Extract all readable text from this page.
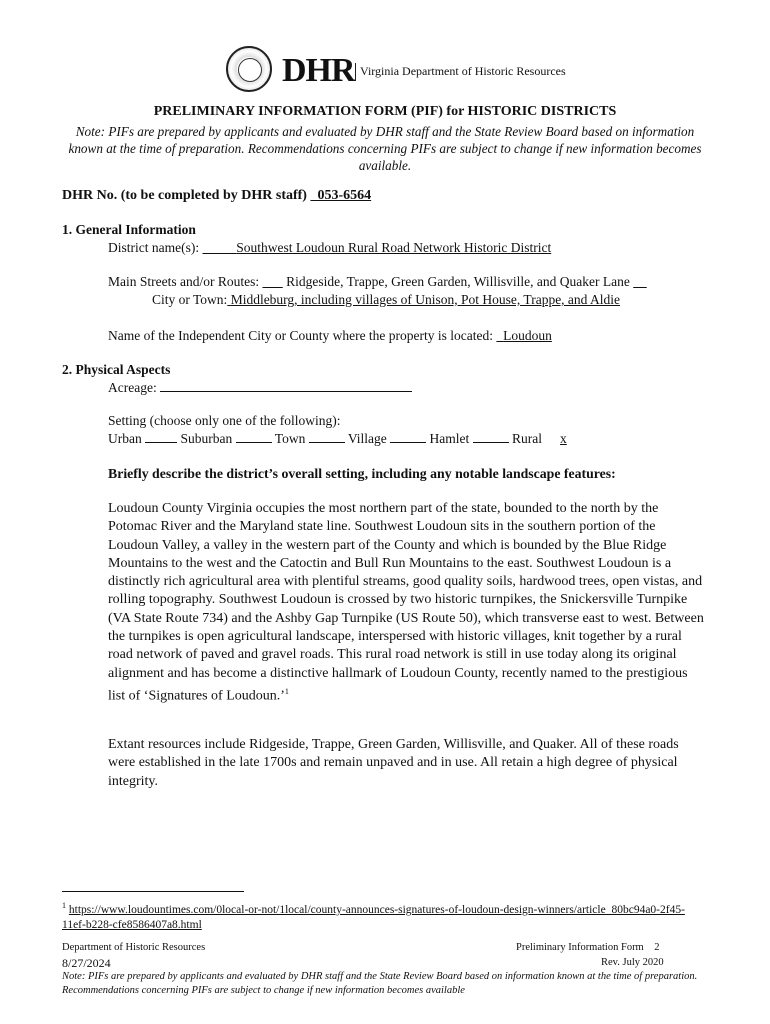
DHR Virginia Department of Historic Resources
PRELIMINARY INFORMATION FORM (PIF) for HISTORIC DISTRICTS
Note: PIFs are prepared by applicants and evaluated by DHR staff and the State Review Board based on information known at the time of preparation. Recommendations concerning PIFs are subject to change if new information becomes available.
DHR No. (to be completed by DHR staff) 053-6564
1. General Information
District name(s):	Southwest Loudoun Rural Road Network Historic District
Main Streets and/or Routes: Ridgeside, Trappe, Green Garden, Willisville, and Quaker Lane
City or Town: Middleburg, including villages of Unison, Pot House, Trappe, and Aldie
Name of the Independent City or County where the property is located: Loudoun
2. Physical Aspects
Acreage:
Setting (choose only one of the following):
Urban	Suburban	Town	Village	Hamlet	Rural x
Briefly describe the district’s overall setting, including any notable landscape features:
Loudoun County Virginia occupies the most northern part of the state, bounded to the north by the Potomac River and the Maryland state line. Southwest Loudoun sits in the southern portion of the Loudoun Valley, a valley in the western part of the County and which is bounded by the Blue Ridge Mountains to the west and the Catoctin and Bull Run Mountains to the east. Southwest Loudoun is a distinctly rich agricultural area with plentiful streams, good quality soils, hardwood trees, open vistas, and rolling topography. Southwest Loudoun is crossed by two historic turnpikes, the Snickersville Turnpike (VA State Route 734) and the Ashby Gap Turnpike (US Route 50), which transverse east to west. Between the turnpikes is open agricultural landscape, interspersed with historic villages, knit together by a rural road network of paved and gravel roads. This rural road network is still in use today along its original alignment and has become a distinctive hallmark of Loudoun County, recently named to the prestigious list of ‘Signatures of Loudoun.’$^1$
Extant resources include Ridgeside, Trappe, Green Garden, Willisville, and Quaker. All of these roads were established in the late 1700s and remain unpaved and in use. All retain a high degree of physical integrity.
$^1$ https://www.loudountimes.com/0local-or-not/1local/county-announces-signatures-of-loudoun-design-winners/article_80bc94a0-2f45-11ef-b228-cfe8586407a8.html
Department of Historic Resources	Preliminary Information Form 2
8/27/2024	Rev. July 2020
Note: PIFs are prepared by applicants and evaluated by DHR staff and the State Review Board based on information known at the time of preparation. Recommendations concerning PIFs are subject to change if new information becomes available
